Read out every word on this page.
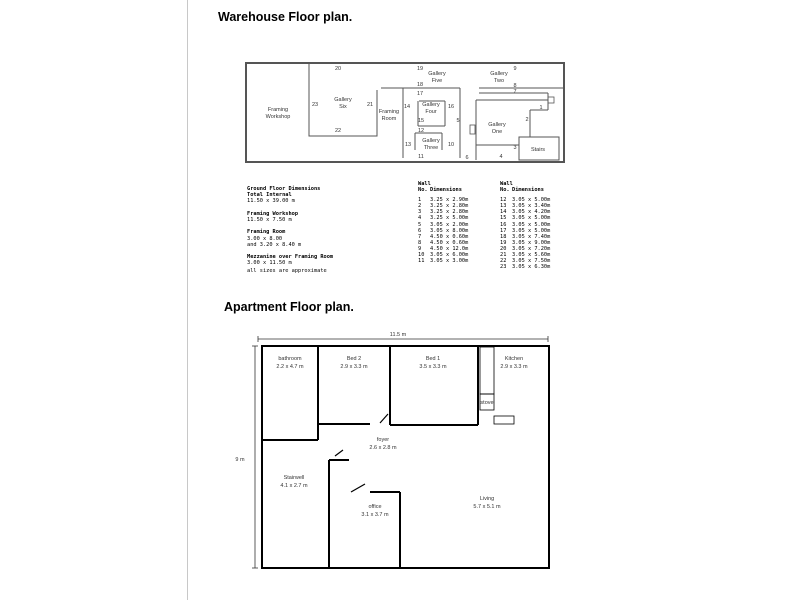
Warehouse Floor plan.
Framing
Workshop
Gallery
Six
Framing
Room
Gallery
Five
Gallery
Four
Gallery
Three
Gallery
Two
Gallery
One
Stairs
20	19	9
23	21
22
18
17
14	16
15	5
12
13	10
11	6
8
7
1
2
3
4
Ground Floor Dimensions
Total Internal
11.50 x 39.00 m

Framing Workshop
11.50 x 7.50 m

Framing Room
3.00 x 8.00
and 3.20 x 8.40 m

Mezzanine over Framing Room
3.00 x 11.50 m

all sizes are approximate
Wall
No. Dimensions
1 3.25 x 2.90m
2 3.25 x 2.80m
3 3.25 x 2.80m
4 3.25 x 5.00m
5 3.05 x 2.00m
6 3.05 x 8.00m
7 4.50 x 0.60m
8 4.50 x 0.60m
9 4.50 x 12.0m
10 3.05 x 6.00m
11 3.05 x 3.00m
Wall
No. Dimensions
12 3.05 x 5.00m
13 3.05 x 3.40m
14 3.05 x 4.20m
15 3.05 x 5.00m
16 3.05 x 5.00m
17 3.05 x 5.00m
18 3.05 x 7.40m
19 3.05 x 9.00m
20 3.05 x 7.20m
21 3.05 x 5.60m
22 3.05 x 7.50m
23 3.05 x 6.30m
Apartment Floor plan.
11.5 m
9 m
bathroom
2.2 x 4.7 m
Bed 2
2.9 x 3.3 m
Bed 1
3.5 x 3.3 m
Kitchen
2.9 x 3.3 m
stove
foyer
2.6 x 2.8 m
Stairwell
4.1 x 2.7 m
office
3.1 x 3.7 m
Living
5.7 x 5.1 m
